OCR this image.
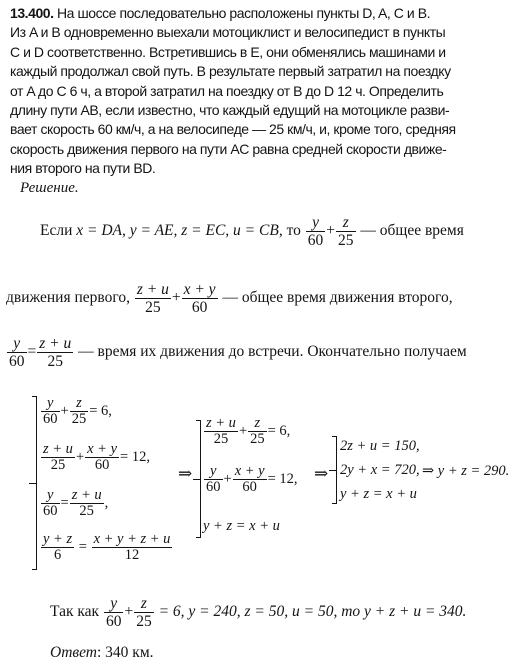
13.400. На шоссе последовательно расположены пункты D, A, C и B.
Из A и B одновременно выехали мотоциклист и велосипедист в пункты
C и D соответственно. Встретившись в E, они обменялись машинами и
каждый продолжал свой путь. В результате первый затратил на поездку
от A до C 6 ч, а второй затратил на поездку от B до D 12 ч. Определить
длину пути AB, если известно, что каждый едущий на мотоцикле разви-
вает скорость 60 км/ч, а на велосипеде — 25 км/ч, и, кроме того, средняя
скорость движения первого на пути AC равна средней скорости движе-
ния второго на пути BD.
Решение.
Если x = DA, y = AE, z = EC, u = CB, то $\frac{y}{60} + \frac{z}{25}$ — общее время
движения первого, $\frac{z + u}{25} + \frac{x + y}{60}$ — общее время движения второго,
$\frac{y}{60} = \frac{z + u}{25}$ — время их движения до встречи. Окончательно получаем
$\frac{y}{60} + \frac{z}{25} = 6$,
$\frac{z + u}{25} + \frac{x + y}{60} = 12$,
$\frac{y}{60} = \frac{z + u}{25}$ ,
$\frac{y + z}{6} = \frac{x + y + z + u}{12}$
⇒
$\frac{z + u}{25} + \frac{z}{25} = 6$,
$\frac{y}{60} + \frac{x + y}{60} = 12$,
y + z = x + u
⇒
2z + u = 150,
2y + x = 720,
y + z = x + u
⇒ y + z = 290.
Так как $\frac{y}{60} + \frac{z}{25} = 6$, y = 240, z = 50, u = 50, то y + z + u = 340.
Ответ: 340 км.
